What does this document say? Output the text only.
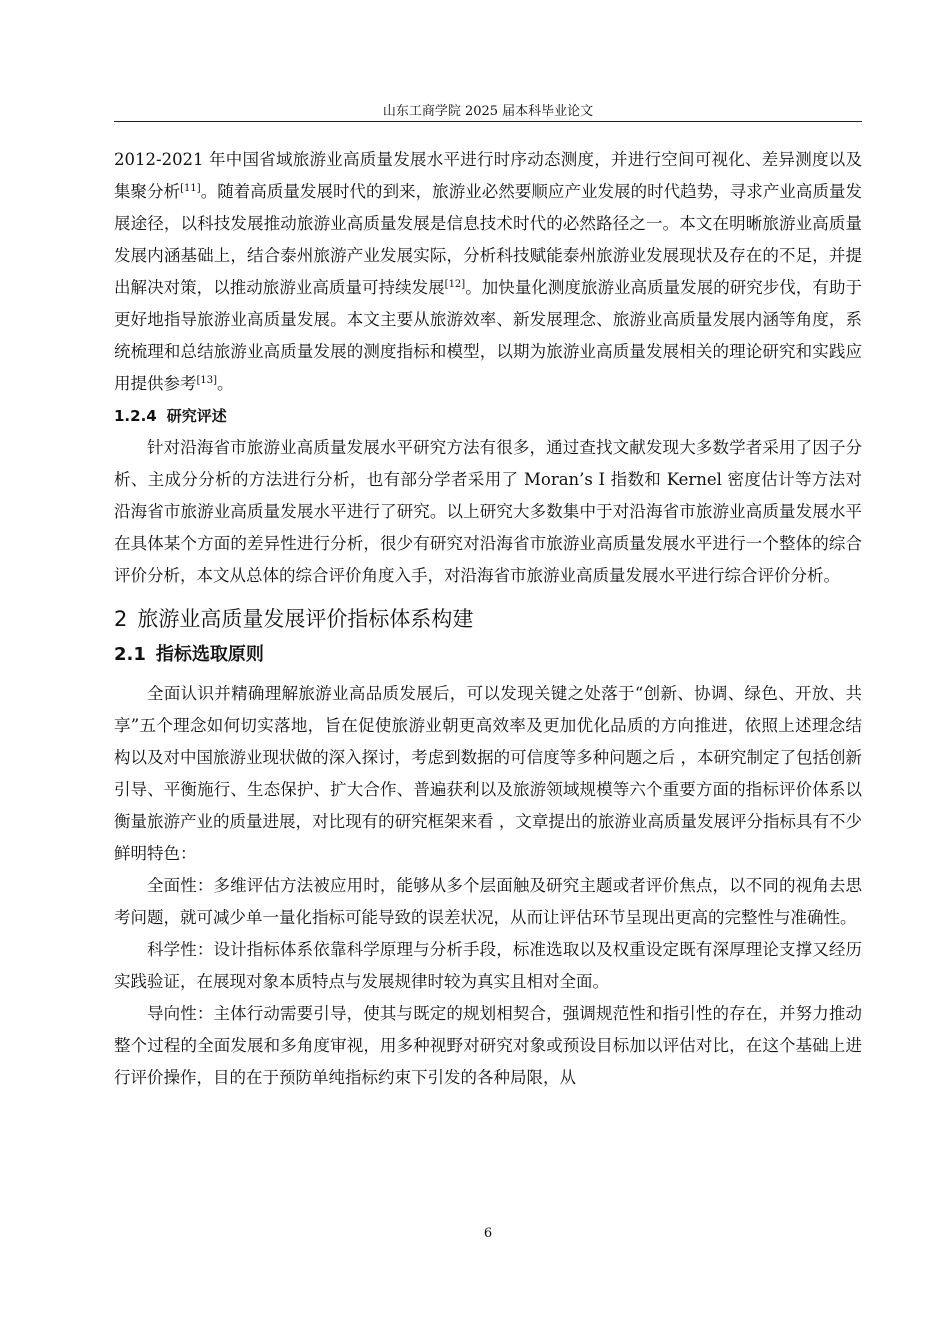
山东工商学院 2025 届本科毕业论文

2012-2021 年中国省域旅游业高质量发展水平进行时序动态测度，并进行空间可视化、差异测度以及集聚分析[11]。随着高质量发展时代的到来，旅游业必然要顺应产业发展的时代趋势，寻求产业高质量发展途径，以科技发展推动旅游业高质量发展是信息技术时代的必然路径之一。本文在明晰旅游业高质量发展内涵基础上，结合泰州旅游产业发展实际，分析科技赋能泰州旅游业发展现状及存在的不足，并提出解决对策，以推动旅游业高质量可持续发展[12]。加快量化测度旅游业高质量发展的研究步伐，有助于更好地指导旅游业高质量发展。本文主要从旅游效率、新发展理念、旅游业高质量发展内涵等角度，系统梳理和总结旅游业高质量发展的测度指标和模型，以期为旅游业高质量发展相关的理论研究和实践应用提供参考[13]。

1.2.4 研究评述

针对沿海省市旅游业高质量发展水平研究方法有很多，通过查找文献发现大多数学者采用了因子分析、主成分分析的方法进行分析，也有部分学者采用了 Moran’s I 指数和 Kernel 密度估计等方法对沿海省市旅游业高质量发展水平进行了研究。以上研究大多数集中于对沿海省市旅游业高质量发展水平在具体某个方面的差异性进行分析，很少有研究对沿海省市旅游业高质量发展水平进行一个整体的综合评价分析，本文从总体的综合评价角度入手，对沿海省市旅游业高质量发展水平进行综合评价分析。

2 旅游业高质量发展评价指标体系构建
2.1 指标选取原则

全面认识并精确理解旅游业高品质发展后，可以发现关键之处落于“创新、协调、绿色、开放、共享”五个理念如何切实落地，旨在促使旅游业朝更高效率及更加优化品质的方向推进，依照上述理念结构以及对中国旅游业现状做的深入探讨，考虑到数据的可信度等多种问题之后 ，本研究制定了包括创新引导、平衡施行、生态保护、扩大合作、普遍获利以及旅游领域规模等六个重要方面的指标评价体系以衡量旅游产业的质量进展，对比现有的研究框架来看 ，文章提出的旅游业高质量发展评分指标具有不少鲜明特色：

全面性：多维评估方法被应用时，能够从多个层面触及研究主题或者评价焦点，以不同的视角去思考问题，就可减少单一量化指标可能导致的误差状况，从而让评估环节呈现出更高的完整性与准确性。

科学性：设计指标体系依靠科学原理与分析手段，标准选取以及权重设定既有深厚理论支撑又经历实践验证，在展现对象本质特点与发展规律时较为真实且相对全面。

导向性：主体行动需要引导，使其与既定的规划相契合，强调规范性和指引性的存在，并努力推动整个过程的全面发展和多角度审视，用多种视野对研究对象或预设目标加以评估对比，在这个基础上进行评价操作，目的在于预防单纯指标约束下引发的各种局限，从

6
